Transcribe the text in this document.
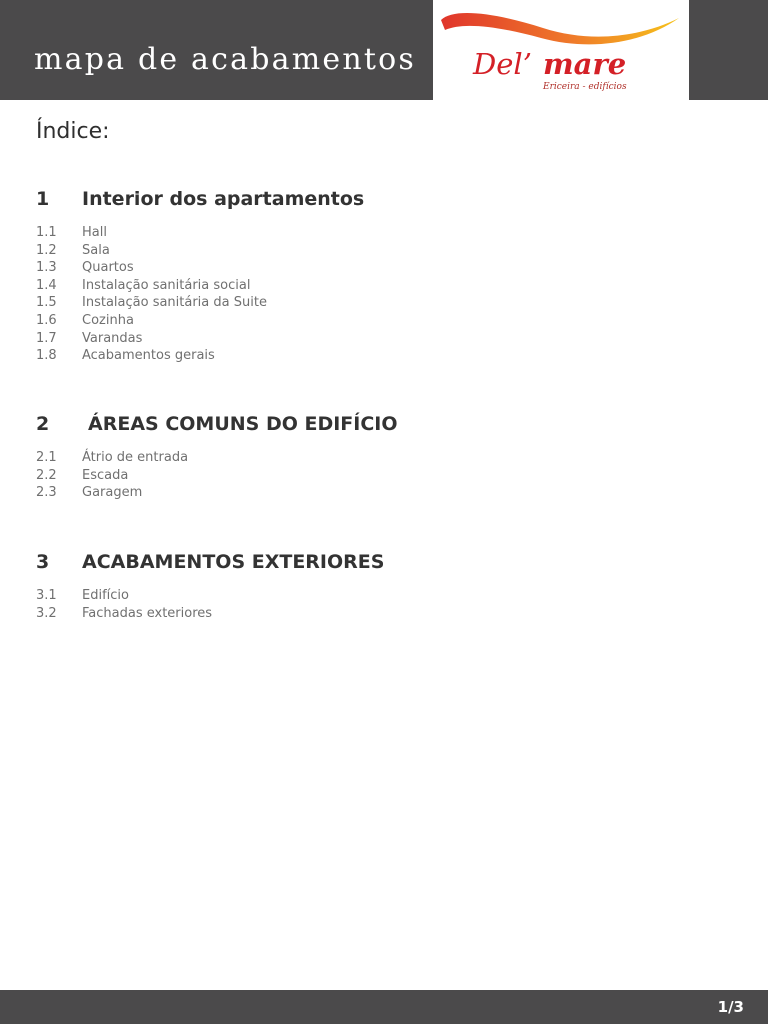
mapa de acabamentos Del’ mare
Ericeira - edifícios
Índice:
1 Interior dos apartamentos
1.1 Hall
1.2 Sala
1.3 Quartos
1.4 Instalação sanitária social
1.5 Instalação sanitária da Suite
1.6 Cozinha
1.7 Varandas
1.8 Acabamentos gerais
2 ÁREAS COMUNS DO EDIFÍCIO
2.1 Átrio de entrada
2.2 Escada
2.3 Garagem
3 ACABAMENTOS EXTERIORES
3.1 Edifício
3.2 Fachadas exteriores
1/3
